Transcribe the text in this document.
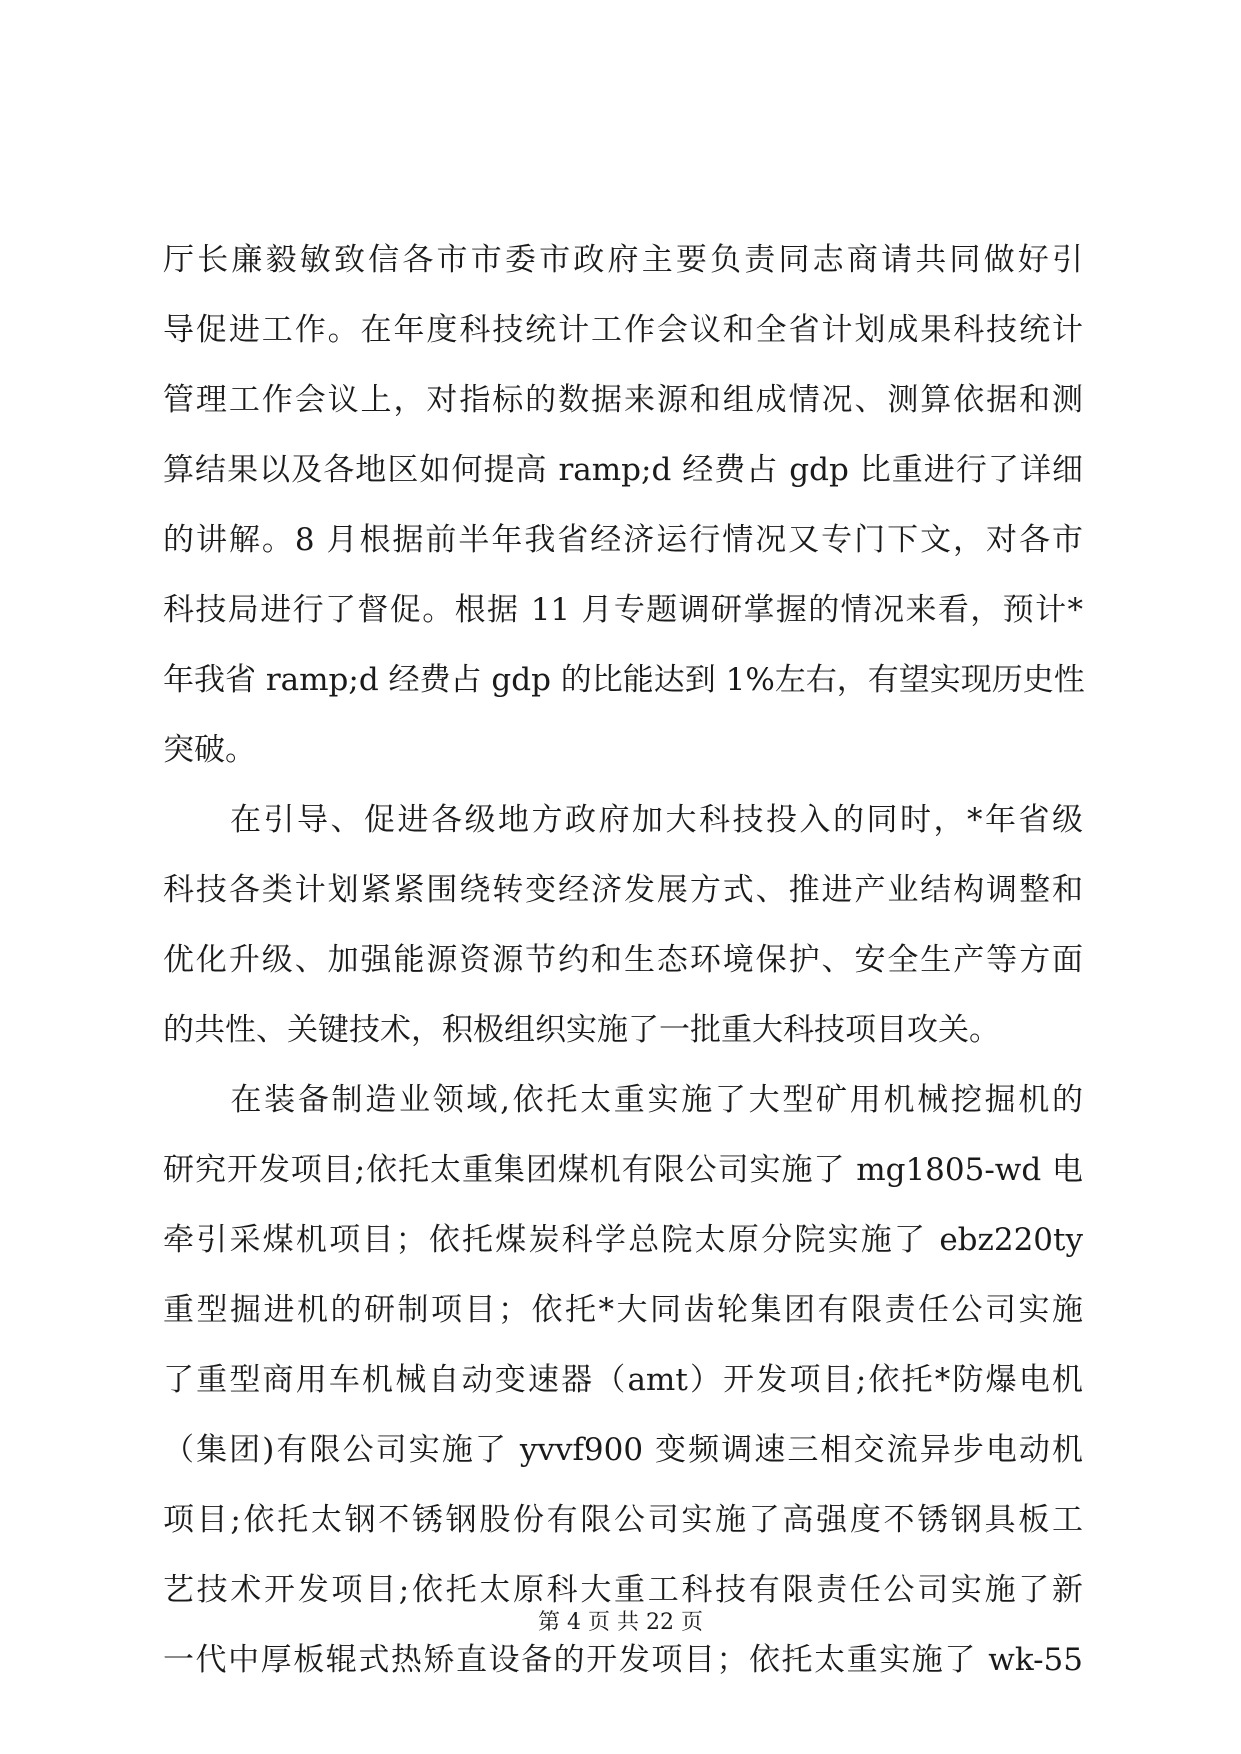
厅长廉毅敏致信各市市委市政府主要负责同志商请共同做好引
导促进工作。在年度科技统计工作会议和全省计划成果科技统计
管理工作会议上，对指标的数据来源和组成情况、测算依据和测
算结果以及各地区如何提高 ramp;d 经费占 gdp 比重进行了详细
的讲解。8 月根据前半年我省经济运行情况又专门下文，对各市
科技局进行了督促。根据 11 月专题调研掌握的情况来看，预计*
年我省 ramp;d 经费占 gdp 的比能达到 1%左右，有望实现历史性
突破。
　　在引导、促进各级地方政府加大科技投入的同时，*年省级
科技各类计划紧紧围绕转变经济发展方式、推进产业结构调整和
优化升级、加强能源资源节约和生态环境保护、安全生产等方面
的共性、关键技术，积极组织实施了一批重大科技项目攻关。
　　在装备制造业领域,依托太重实施了大型矿用机械挖掘机的
研究开发项目;依托太重集团煤机有限公司实施了 mg1805-wd 电
牵引采煤机项目；依托煤炭科学总院太原分院实施了 ebz220ty
重型掘进机的研制项目；依托*大同齿轮集团有限责任公司实施
了重型商用车机械自动变速器（amt）开发项目;依托*防爆电机
（集团)有限公司实施了 yvvf900 变频调速三相交流异步电动机
项目;依托太钢不锈钢股份有限公司实施了高强度不锈钢具板工
艺技术开发项目;依托太原科大重工科技有限责任公司实施了新
一代中厚板辊式热矫直设备的开发项目；依托太重实施了 wk-55
第 4 页 共 22 页
